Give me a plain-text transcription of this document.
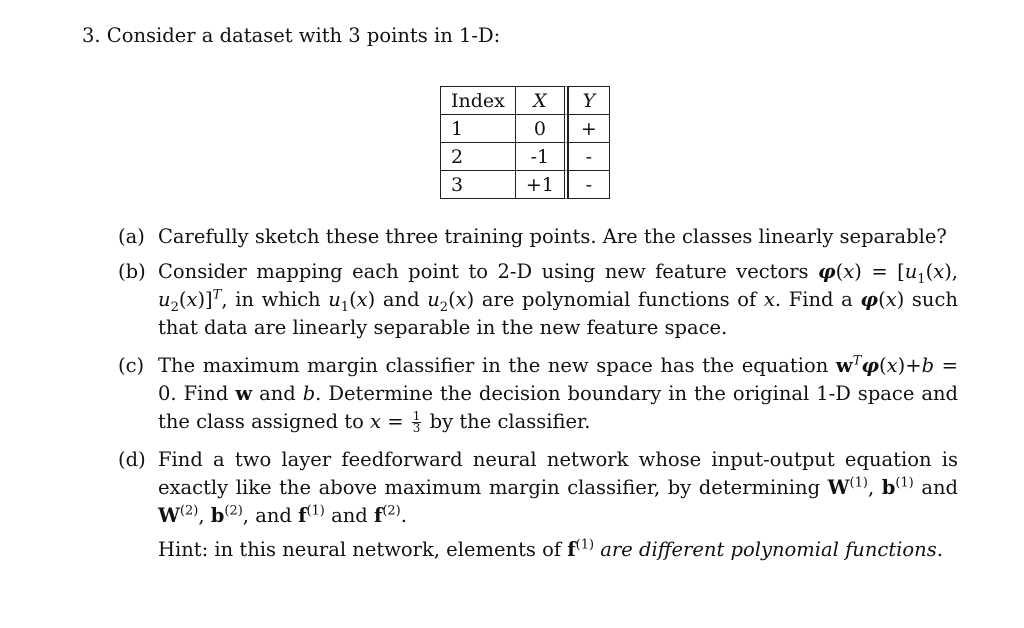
3. Consider a dataset with 3 points in 1-D:
Index	X	Y
1	0	+
2	-1	-
3	+1	-
(a) Carefully sketch these three training points. Are the classes linearly separable?
(b) Consider mapping each point to 2-D using new feature vectors $\varphi(x) = [u_1(x)$, $u_2(x)]^T$, in which $u_1(x)$ and $u_2(x)$ are polynomial functions of x. Find a φ(x) such that data are linearly separable in the new feature space.
(c) The maximum margin classifier in the new space has the equation $w^T\varphi(x)+b = 0$. Find w and b. Determine the decision boundary in the original 1-D space and the class assigned to $x = \frac{1}{3}$ by the classifier.
(d) Find a two layer feedforward neural network whose input-output equation is exactly like the above maximum margin classifier, by determining $W^{(1)}$, $b^{(1)}$ and $W^{(2)}$, $b^{(2)}$, and $f^{(1)}$ and $f^{(2)}$.
Hint: in this neural network, elements of $f^{(1)}$ are different polynomial functions.
